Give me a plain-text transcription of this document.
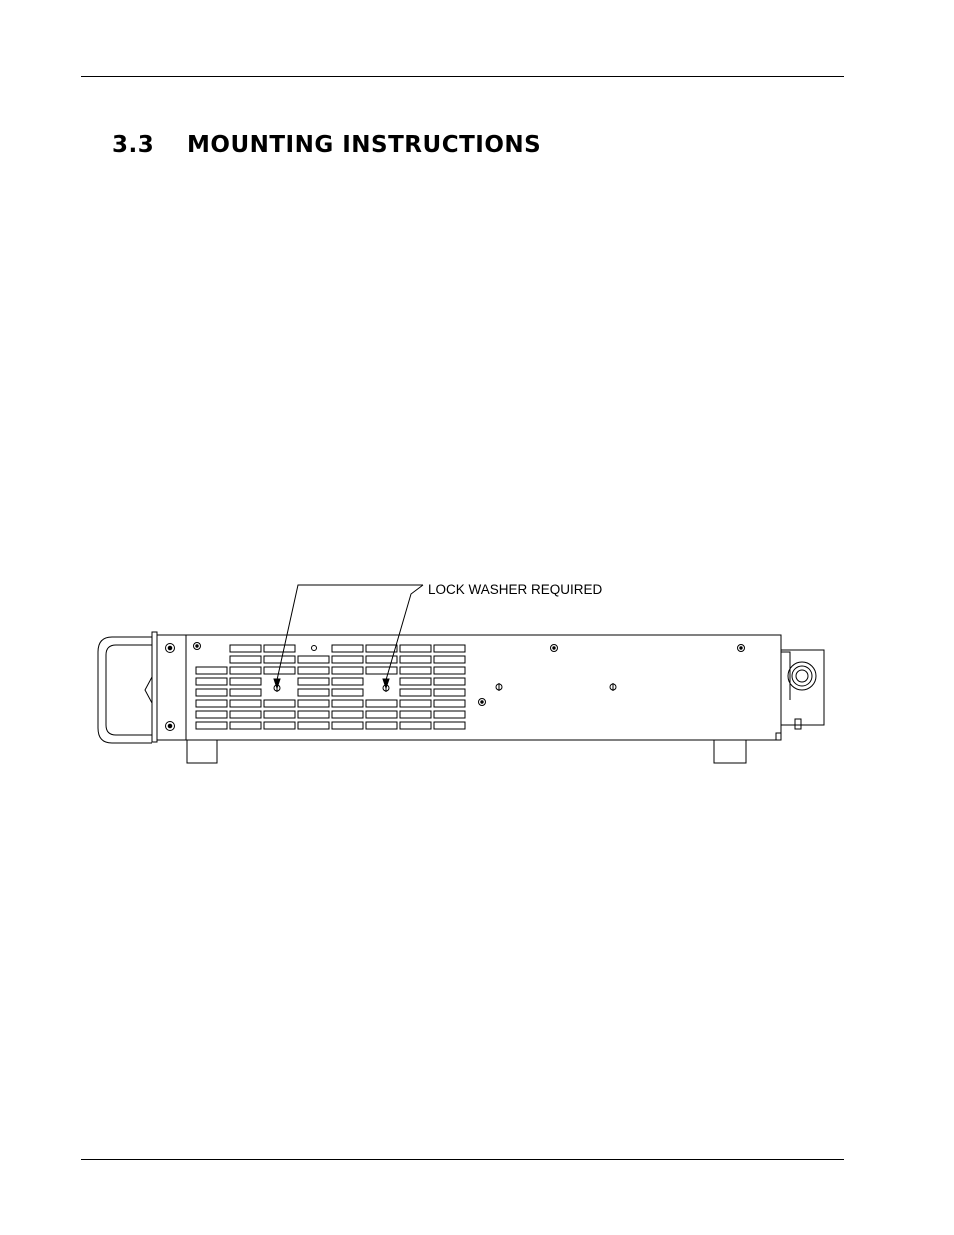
3.3 MOUNTING INSTRUCTIONS
LOCK WASHER REQUIRED
